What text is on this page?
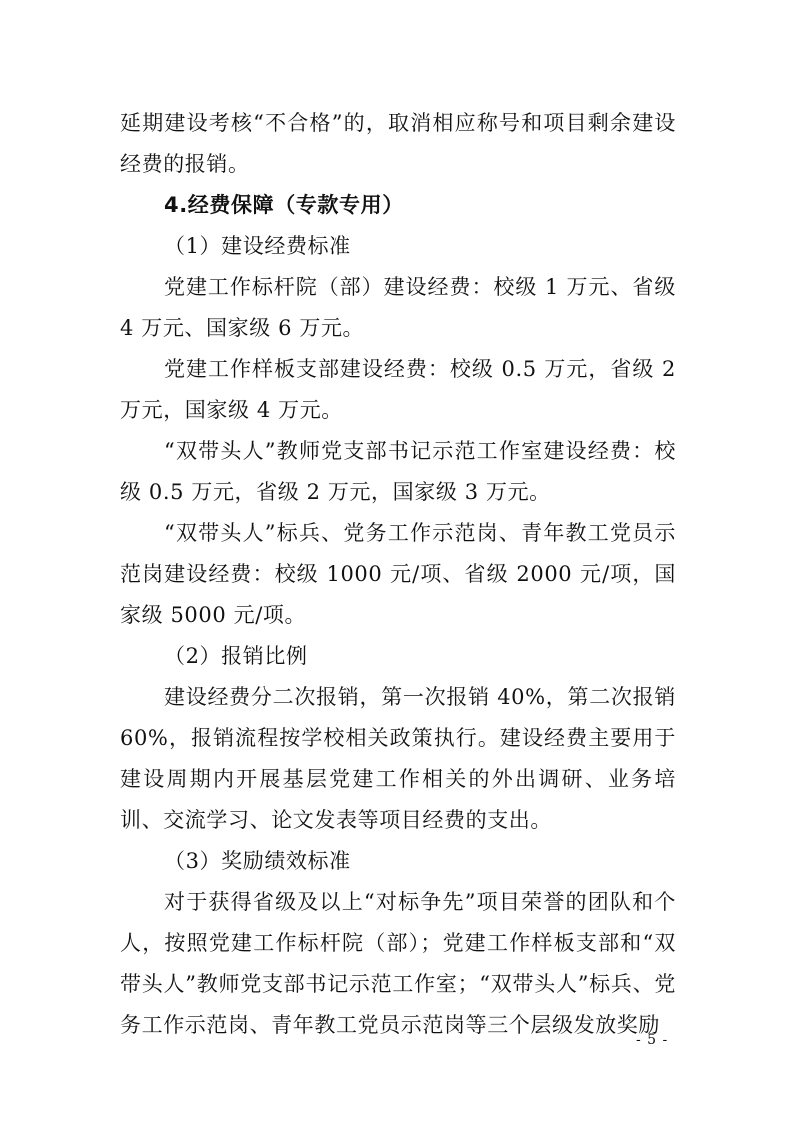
延期建设考核“不合格”的，取消相应称号和项目剩余建设经费的报销。

4.经费保障（专款专用）

（1）建设经费标准

党建工作标杆院（部）建设经费：校级 1 万元、省级 4 万元、国家级 6 万元。

党建工作样板支部建设经费：校级 0.5 万元，省级 2 万元，国家级 4 万元。

“双带头人”教师党支部书记示范工作室建设经费：校级 0.5 万元，省级 2 万元，国家级 3 万元。

“双带头人”标兵、党务工作示范岗、青年教工党员示范岗建设经费：校级 1000 元/项、省级 2000 元/项，国家级 5000 元/项。

（2）报销比例

建设经费分二次报销，第一次报销 40%，第二次报销 60%，报销流程按学校相关政策执行。建设经费主要用于建设周期内开展基层党建工作相关的外出调研、业务培训、交流学习、论文发表等项目经费的支出。

（3）奖励绩效标准

对于获得省级及以上“对标争先”项目荣誉的团队和个人，按照党建工作标杆院（部）；党建工作样板支部和“双带头人”教师党支部书记示范工作室；“双带头人”标兵、党务工作示范岗、青年教工党员示范岗等三个层级发放奖励

- 5 -
